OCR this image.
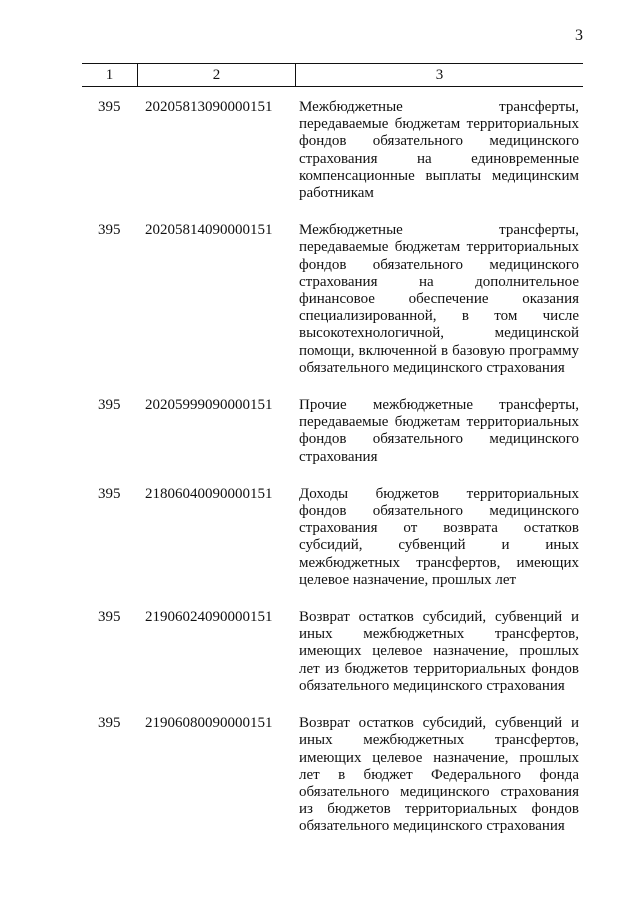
3
1	2	3
395	20205813090000151	Межбюджетные трансферты, передаваемые бюджетам территориальных фондов обязательного медицинского страхования на единовременные компенсационные выплаты медицинским работникам
395	20205814090000151	Межбюджетные трансферты, передаваемые бюджетам территориальных фондов обязательного медицинского страхования на дополнительное финансовое обеспечение оказания специализированной, в том числе высокотехнологичной, медицинской помощи, включенной в базовую программу обязательного медицинского страхования
395	20205999090000151	Прочие межбюджетные трансферты, передаваемые бюджетам территориальных фондов обязательного медицинского страхования
395	21806040090000151	Доходы бюджетов территориальных фондов обязательного медицинского страхования от возврата остатков субсидий, субвенций и иных межбюджетных трансфертов, имеющих целевое назначение, прошлых лет
395	21906024090000151	Возврат остатков субсидий, субвенций и иных межбюджетных трансфертов, имеющих целевое назначение, прошлых лет из бюджетов территориальных фондов обязательного медицинского страхования
395	21906080090000151	Возврат остатков субсидий, субвенций и иных межбюджетных трансфертов, имеющих целевое назначение, прошлых лет в бюджет Федерального фонда обязательного медицинского страхования из бюджетов территориальных фондов обязательного медицинского страхования
